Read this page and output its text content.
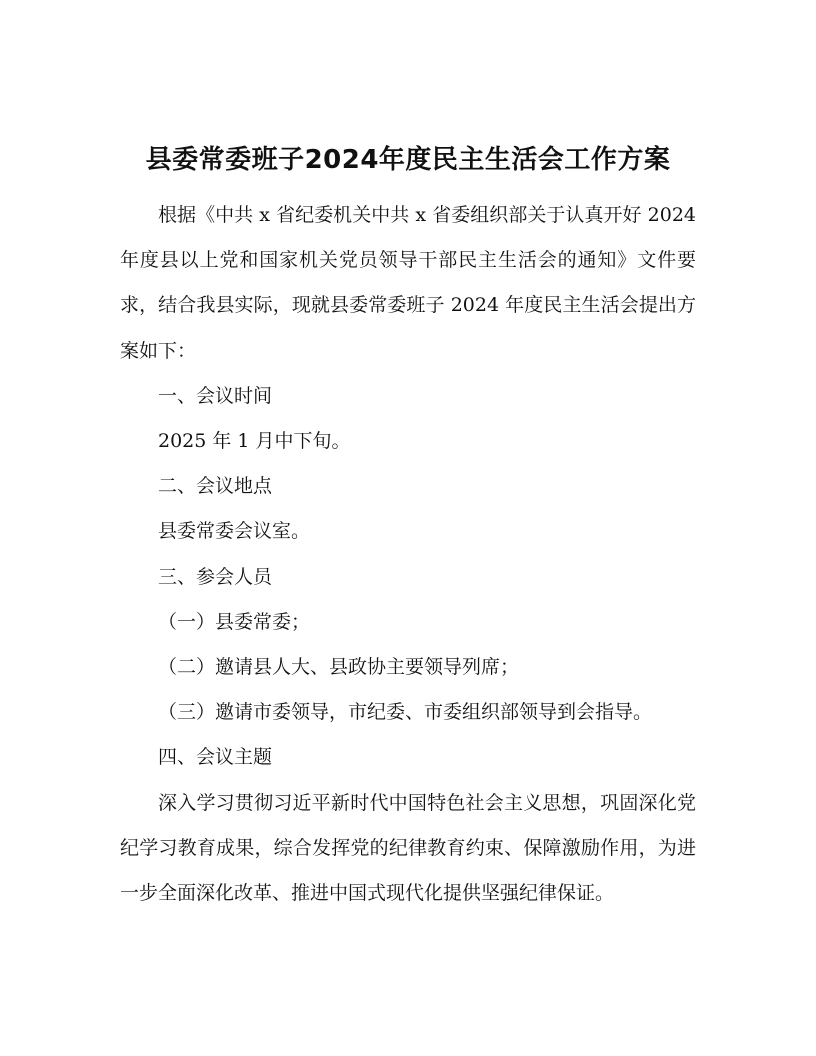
县委常委班子2024年度民主生活会工作方案

根据《中共 x 省纪委机关中共 x 省委组织部关于认真开好 2024 年度县以上党和国家机关党员领导干部民主生活会的通知》文件要求，结合我县实际，现就县委常委班子 2024 年度民主生活会提出方案如下：

一、会议时间

2025 年 1 月中下旬。

二、会议地点

县委常委会议室。

三、参会人员

（一）县委常委；

（二）邀请县人大、县政协主要领导列席；

（三）邀请市委领导，市纪委、市委组织部领导到会指导。

四、会议主题

深入学习贯彻习近平新时代中国特色社会主义思想，巩固深化党纪学习教育成果，综合发挥党的纪律教育约束、保障激励作用，为进一步全面深化改革、推进中国式现代化提供坚强纪律保证。
